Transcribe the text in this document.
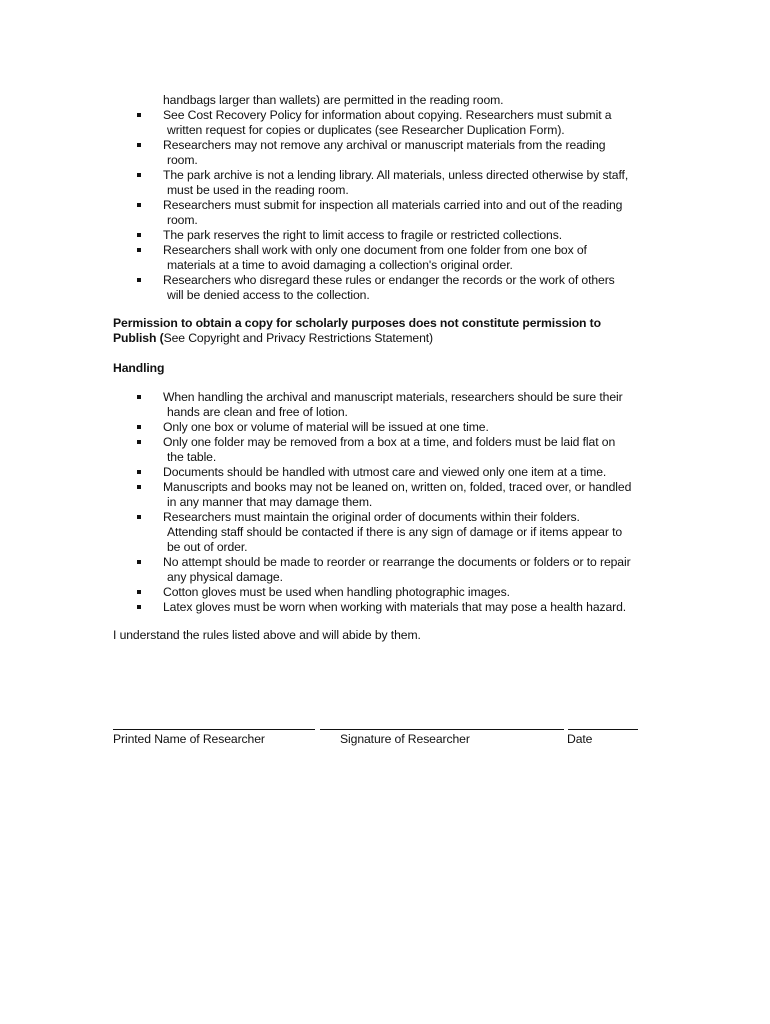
handbags larger than wallets) are permitted in the reading room.
See Cost Recovery Policy for information about copying. Researchers must submit a
written request for copies or duplicates (see Researcher Duplication Form).
Researchers may not remove any archival or manuscript materials from the reading
room.
The park archive is not a lending library. All materials, unless directed otherwise by staff,
must be used in the reading room.
Researchers must submit for inspection all materials carried into and out of the reading
room.
The park reserves the right to limit access to fragile or restricted collections.
Researchers shall work with only one document from one folder from one box of
materials at a time to avoid damaging a collection's original order.
Researchers who disregard these rules or endanger the records or the work of others
will be denied access to the collection.
Permission to obtain a copy for scholarly purposes does not constitute permission to
Publish (See Copyright and Privacy Restrictions Statement)
Handling
When handling the archival and manuscript materials, researchers should be sure their
hands are clean and free of lotion.
Only one box or volume of material will be issued at one time.
Only one folder may be removed from a box at a time, and folders must be laid flat on
the table.
Documents should be handled with utmost care and viewed only one item at a time.
Manuscripts and books may not be leaned on, written on, folded, traced over, or handled
in any manner that may damage them.
Researchers must maintain the original order of documents within their folders.
Attending staff should be contacted if there is any sign of damage or if items appear to
be out of order.
No attempt should be made to reorder or rearrange the documents or folders or to repair
any physical damage.
Cotton gloves must be used when handling photographic images.
Latex gloves must be worn when working with materials that may pose a health hazard.
I understand the rules listed above and will abide by them.
Printed Name of Researcher	Signature of Researcher	Date
